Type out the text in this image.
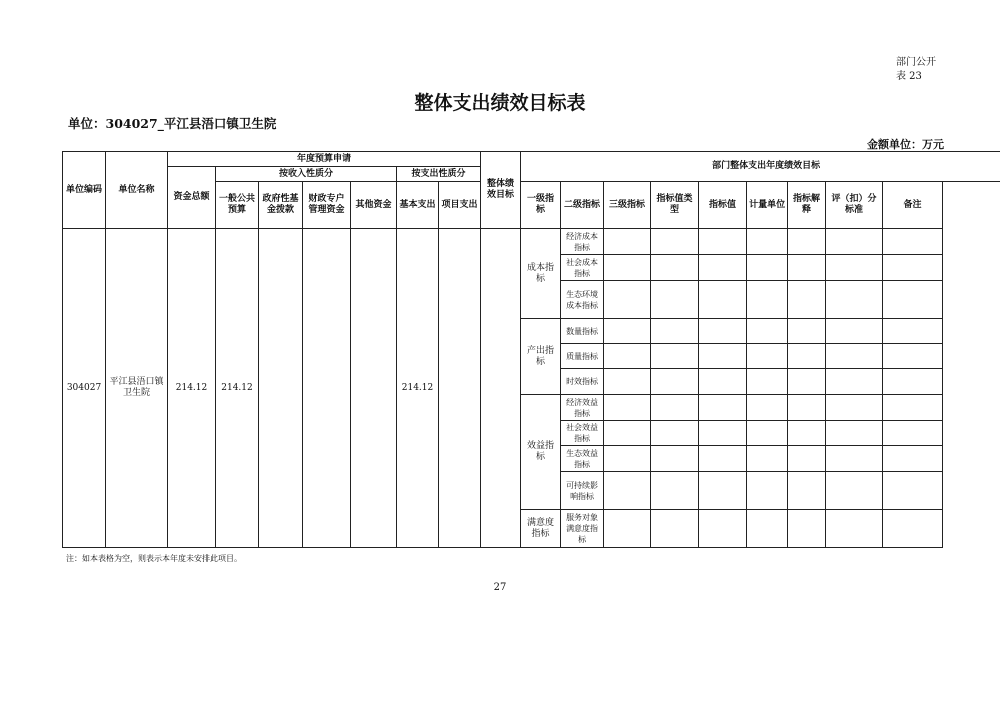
部门公开
表 23
整体支出绩效目标表
单位：304027_平江县浯口镇卫生院
金额单位：万元
单位编码	单位名称	年度预算申请							整体绩效目标	部门整体支出年度绩效目标								
		资金总额	按收入性质分				按支出性质分											
			一般公共预算	政府性基金拨款	财政专户管理资金	其他资金	基本支出	项目支出		一级指标	二级指标	三级指标	指标值类型	指标值	计量单位	指标解释	评（扣）分标准	备注
304027	平江县浯口镇卫生院	214.12	214.12				214.12			成本指标	经济成本指标							
											社会成本指标							
											生态环境成本指标							
										产出指标	数量指标							
											质量指标							
											时效指标							
										效益指标	经济效益指标							
											社会效益指标							
											生态效益指标							
											可持续影响指标							
										满意度指标	服务对象满意度指标							
注：如本表格为空，则表示本年度未安排此项目。
27
